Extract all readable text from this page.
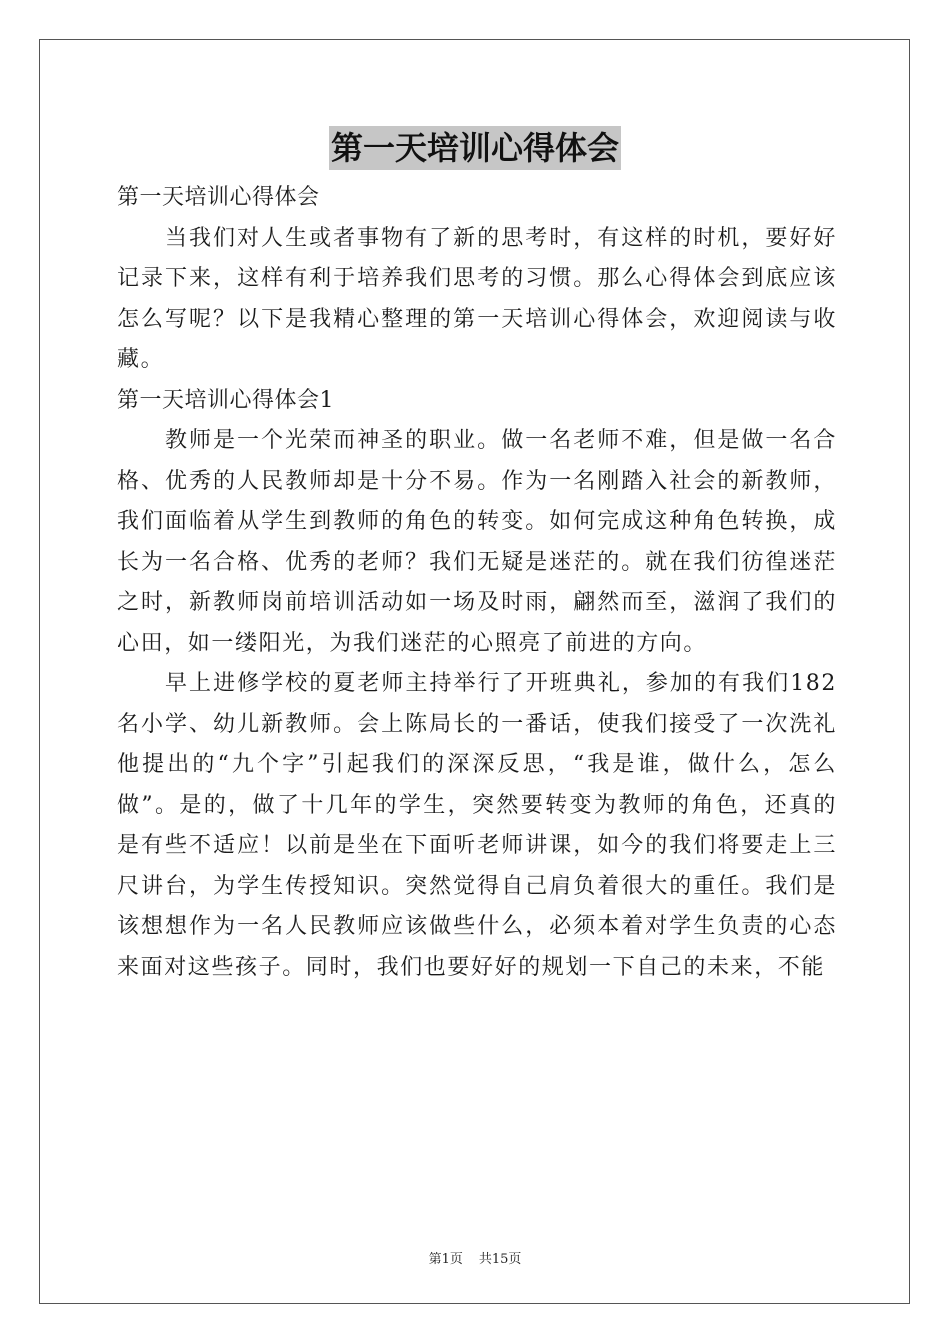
第一天培训心得体会

第一天培训心得体会

当我们对人生或者事物有了新的思考时，有这样的时机，要好好记录下来，这样有利于培养我们思考的习惯。那么心得体会到底应该怎么写呢？以下是我精心整理的第一天培训心得体会，欢迎阅读与收藏。

第一天培训心得体会1

教师是一个光荣而神圣的职业。做一名老师不难，但是做一名合格、优秀的人民教师却是十分不易。作为一名刚踏入社会的新教师，我们面临着从学生到教师的角色的转变。如何完成这种角色转换，成长为一名合格、优秀的老师？我们无疑是迷茫的。就在我们彷徨迷茫之时，新教师岗前培训活动如一场及时雨，翩然而至，滋润了我们的心田，如一缕阳光，为我们迷茫的心照亮了前进的方向。

早上进修学校的夏老师主持举行了开班典礼，参加的有我们182名小学、幼儿新教师。会上陈局长的一番话，使我们接受了一次洗礼他提出的“九个字”引起我们的深深反思，“我是谁，做什么，怎么做”。是的，做了十几年的学生，突然要转变为教师的角色，还真的是有些不适应！以前是坐在下面听老师讲课，如今的我们将要走上三尺讲台，为学生传授知识。突然觉得自己肩负着很大的重任。我们是该想想作为一名人民教师应该做些什么，必须本着对学生负责的心态来面对这些孩子。同时，我们也要好好的规划一下自己的未来，不能

第1页 共15页
